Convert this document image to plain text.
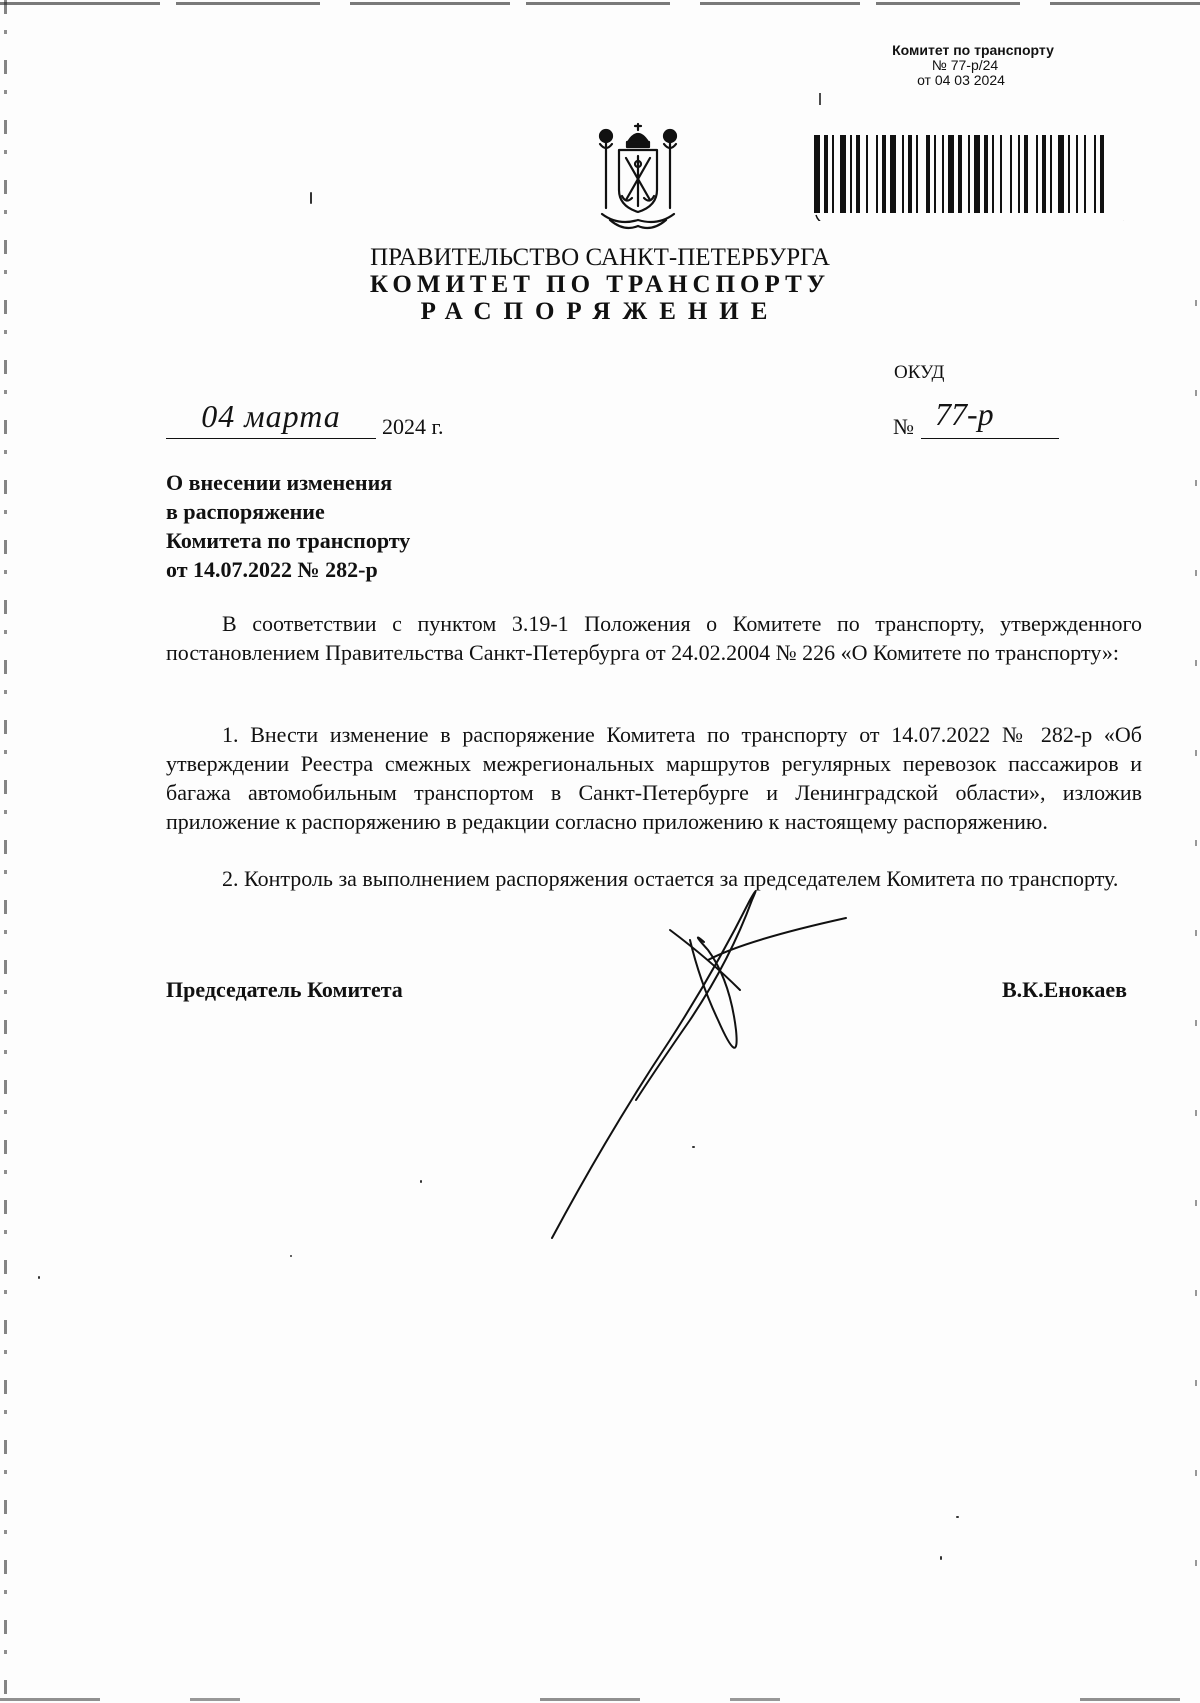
Комитет по транспорту
№ 77-р/24
от 04 03 2024
ПРАВИТЕЛЬСТВО САНКТ-ПЕТЕРБУРГА
КОМИТЕТ ПО ТРАНСПОРТУ
РАСПОРЯЖЕНИЕ
ОКУД
04 марта	2024 г.	№ 77-р
О внесении изменения
в распоряжение
Комитета по транспорту
от 14.07.2022 № 282-р
В соответствии с пунктом 3.19-1 Положения о Комитете по транспорту, утвержденного постановлением Правительства Санкт-Петербурга от 24.02.2004 № 226 «О Комитете по транспорту»:
1. Внести изменение в распоряжение Комитета по транспорту от 14.07.2022 № 282-р «Об утверждении Реестра смежных межрегиональных маршрутов регулярных перевозок пассажиров и багажа автомобильным транспортом в Санкт-Петербурге и Ленинградской области», изложив приложение к распоряжению в редакции согласно приложению к настоящему распоряжению.
2. Контроль за выполнением распоряжения остается за председателем Комитета по транспорту.
Председатель Комитета	В.К.Енокаев
